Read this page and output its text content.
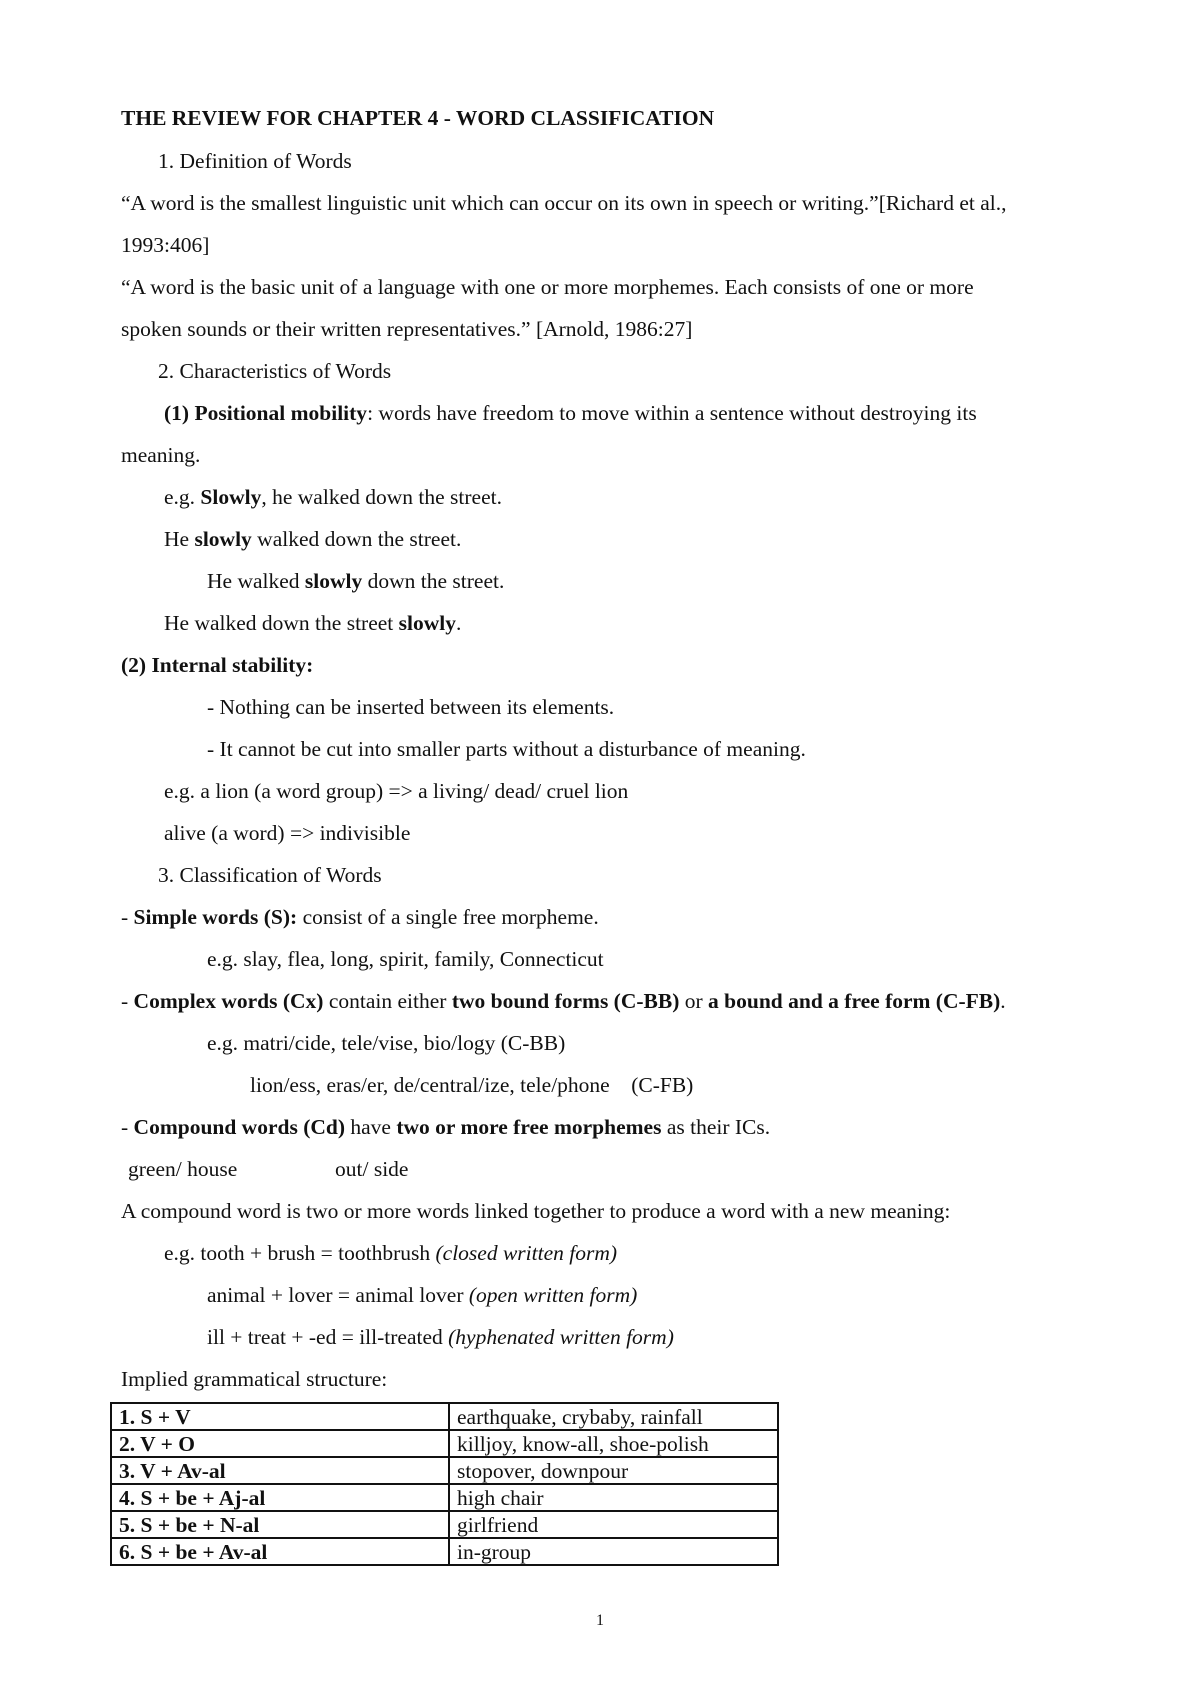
THE REVIEW FOR CHAPTER 4 - WORD CLASSIFICATION
1. Definition of Words
“A word is the smallest linguistic unit which can occur on its own in speech or writing.”[Richard et al.,
1993:406]
“A word is the basic unit of a language with one or more morphemes. Each consists of one or more
spoken sounds or their written representatives.” [Arnold, 1986:27]
2. Characteristics of Words
(1) Positional mobility: words have freedom to move within a sentence without destroying its
meaning.
e.g. Slowly, he walked down the street.
He slowly walked down the street.
He walked slowly down the street.
He walked down the street slowly.
(2) Internal stability:
- Nothing can be inserted between its elements.
- It cannot be cut into smaller parts without a disturbance of meaning.
e.g. a lion (a word group) => a living/ dead/ cruel lion
alive (a word) => indivisible
3. Classification of Words
- Simple words (S): consist of a single free morpheme.
e.g. slay, flea, long, spirit, family, Connecticut
- Complex words (Cx) contain either two bound forms (C-BB) or a bound and a free form (C-FB).
e.g. matri/cide, tele/vise, bio/logy (C-BB)
lion/ess, eras/er, de/central/ize, tele/phone    (C-FB)
- Compound words (Cd) have two or more free morphemes as their ICs.
green/ house	out/ side
A compound word is two or more words linked together to produce a word with a new meaning:
e.g. tooth + brush = toothbrush (closed written form)
animal + lover = animal lover (open written form)
ill + treat + -ed = ill-treated (hyphenated written form)
Implied grammatical structure:
1. S + V	earthquake, crybaby, rainfall
2. V + O	killjoy, know-all, shoe-polish
3. V + Av-al	stopover, downpour
4. S + be + Aj-al	high chair
5. S + be + N-al	girlfriend
6. S + be + Av-al	in-group
1
